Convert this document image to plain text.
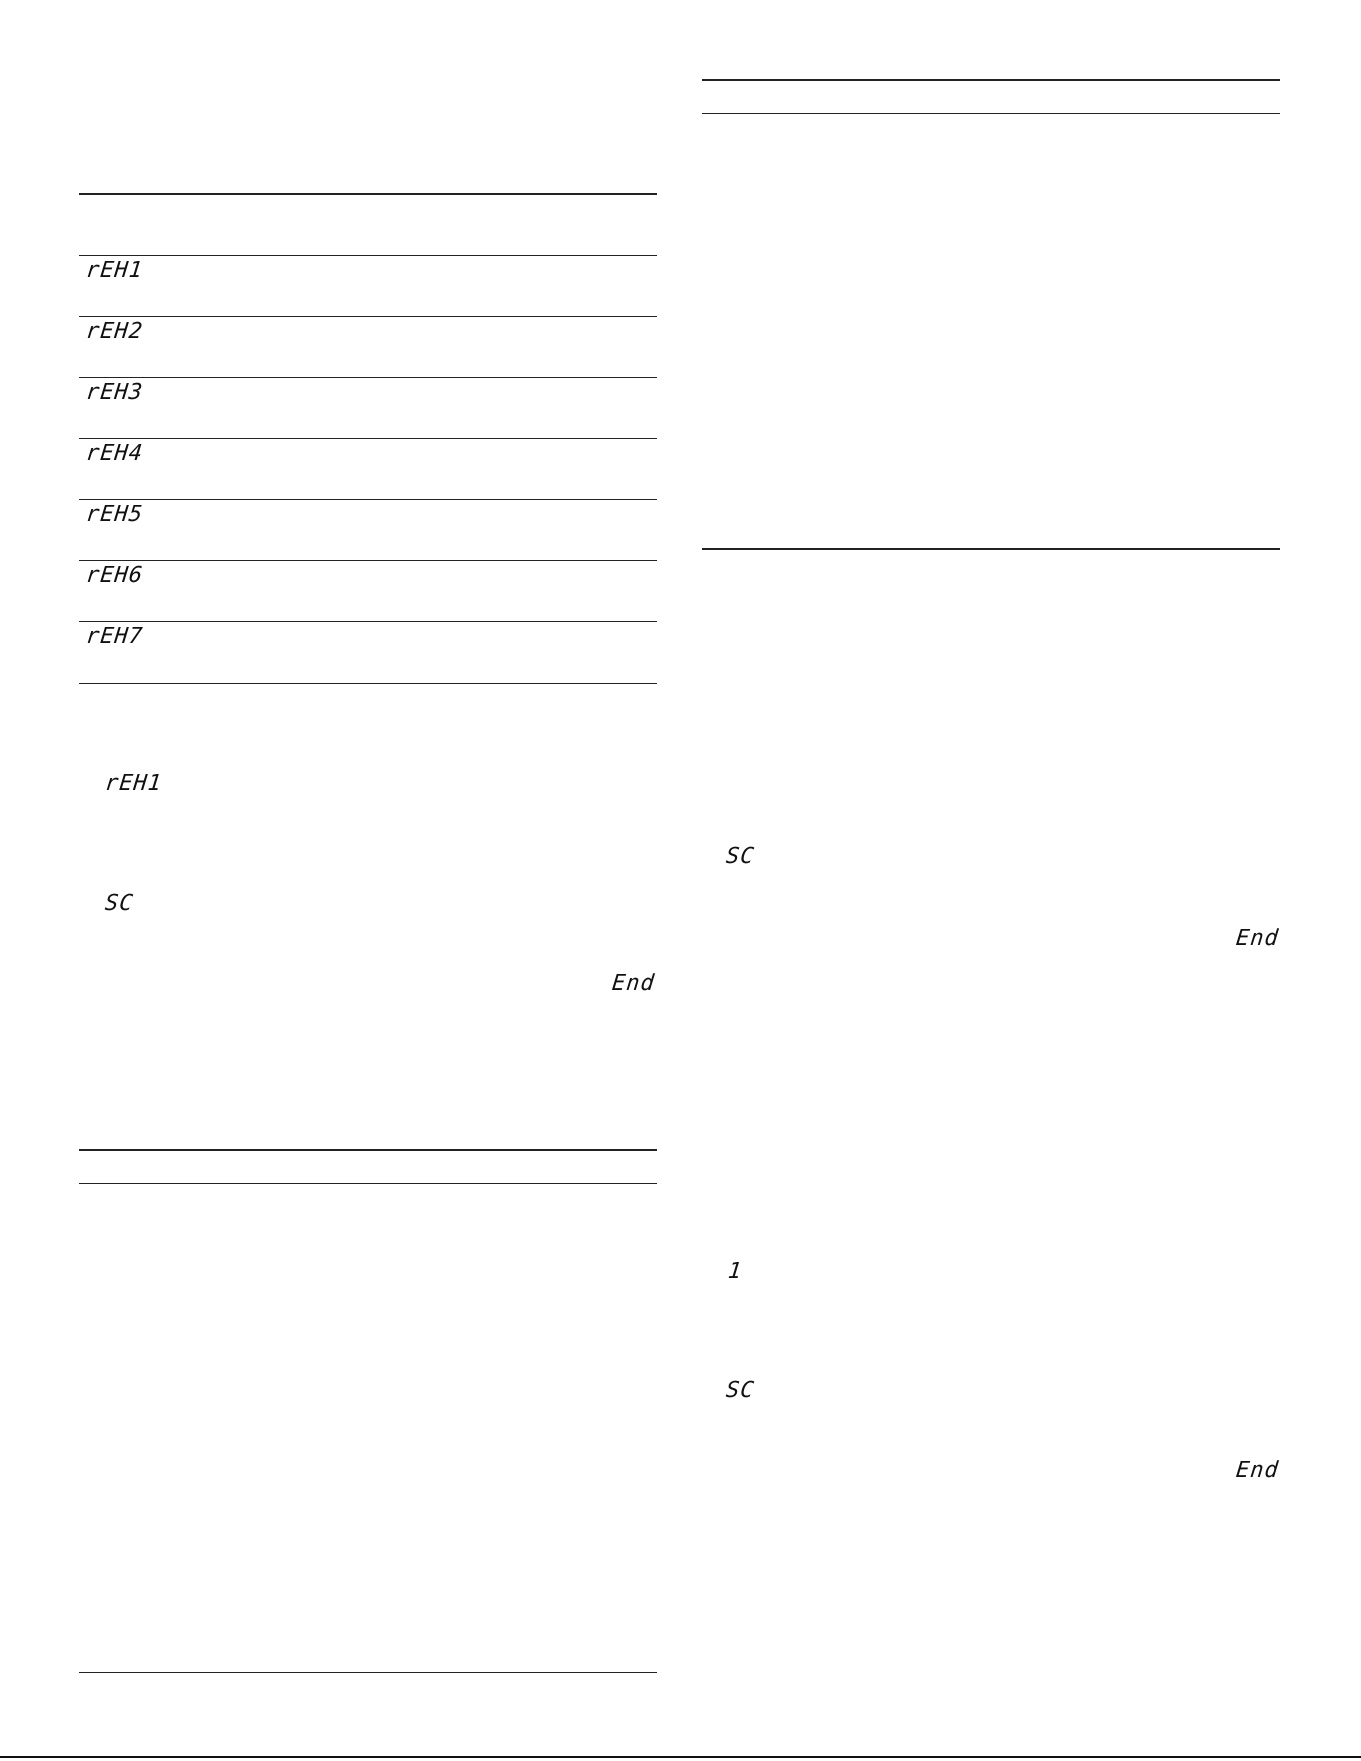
rEH1
rEH2
rEH3
rEH4
rEH5
rEH6
rEH7
rEH1
SC
End
SC
End
1
SC
End
